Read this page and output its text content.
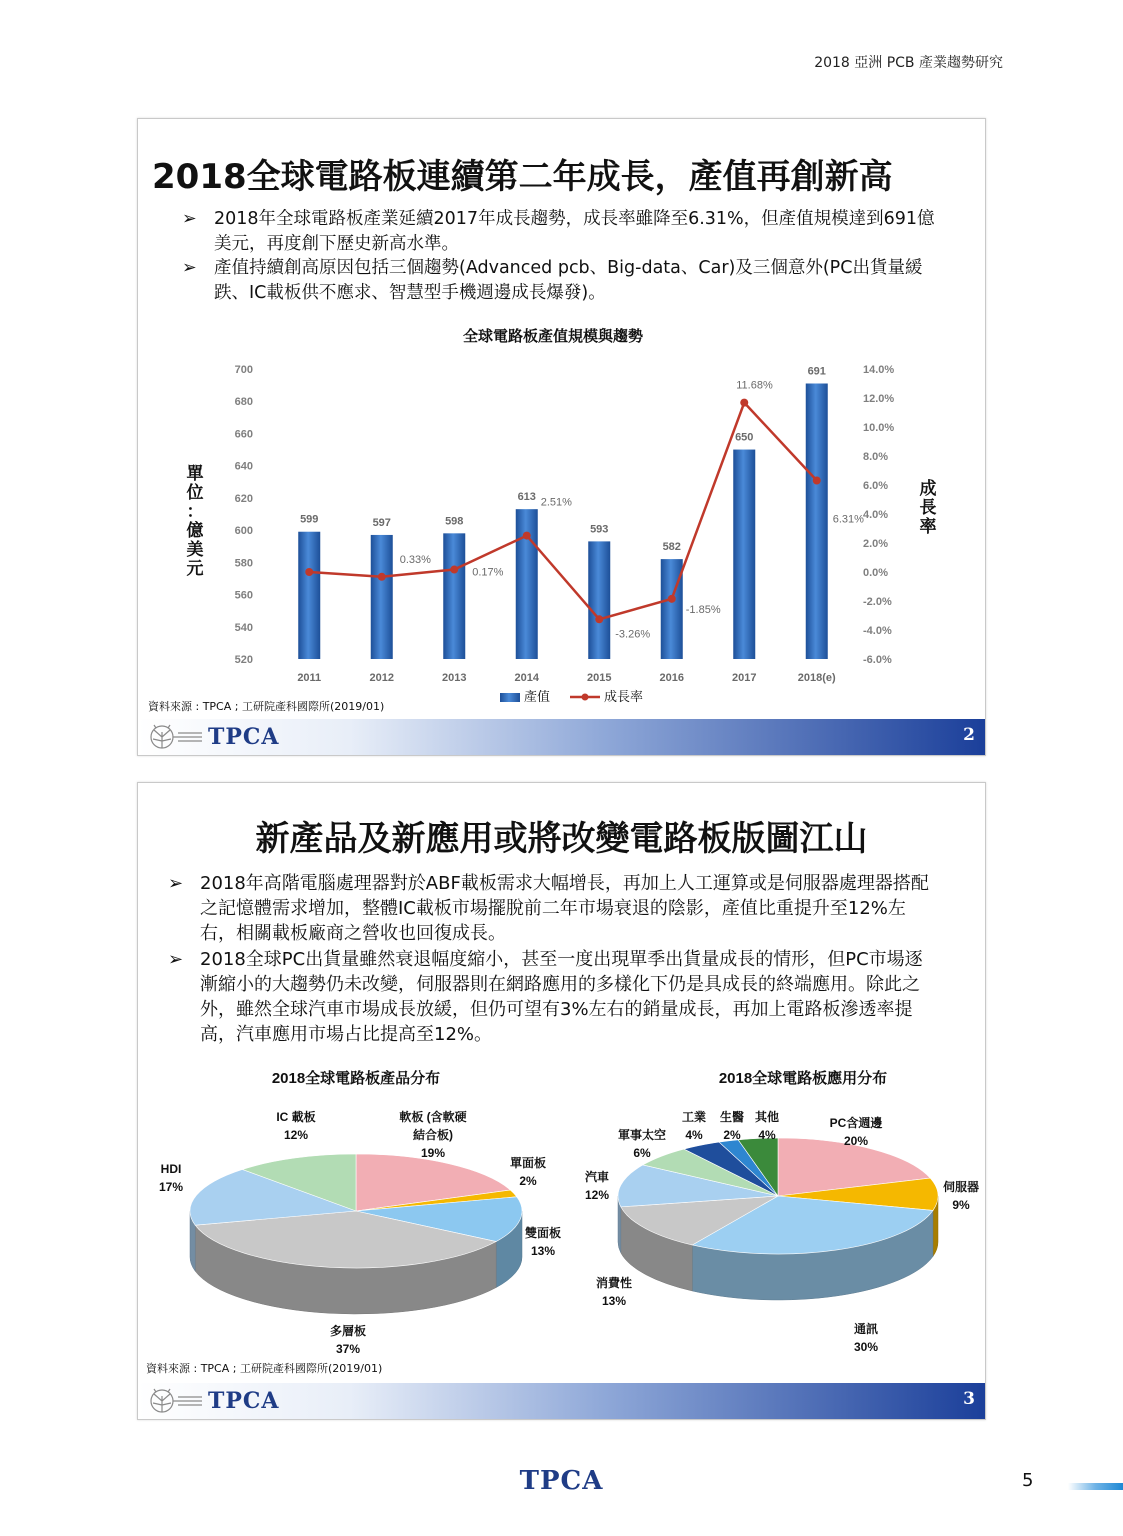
2018 亞洲 PCB 產業趨勢研究
2018全球電路板連續第二年成長，產值再創新高
➢ 2018年全球電路板產業延續2017年成長趨勢，成長率雖降至6.31%，但產值規模達到691億美元，再度創下歷史新高水準。
➢ 產值持續創高原因包括三個趨勢(Advanced pcb、Big-data、Car)及三個意外(PC出貨量緩跌、IC載板供不應求、智慧型手機週邊成長爆發)。
全球電路板產值規模與趨勢
700
680
660
640
620
600
580
560
540
520
14.0%
12.0%
10.0%
8.0%
6.0%
4.0%
2.0%
0.0%
-2.0%
-4.0%
-6.0%
單
位
：
億
美
元
成
長
率
599
2011
597
2012
598
2013
613
2014
593
2015
582
2016
650
2017
691
2018(e)
0.33%
0.17%
2.51%
-3.26%
-1.85%
11.68%
6.31%
產值	成長率
資料來源 : TPCA ; 工研院產科國際所(2019/01)
TPCA	2
新產品及新應用或將改變電路板版圖江山
➢ 2018年高階電腦處理器對於ABF載板需求大幅增長，再加上人工運算或是伺服器處理器搭配之記憶體需求增加，整體IC載板市場擺脫前二年市場衰退的陰影，產值比重提升至12%左右，相關載板廠商之營收也回復成長。
➢ 2018全球PC出貨量雖然衰退幅度縮小，甚至一度出現單季出貨量成長的情形，但PC市場逐漸縮小的大趨勢仍未改變，伺服器則在網路應用的多樣化下仍是具成長的終端應用。除此之外，雖然全球汽車市場成長放緩，但仍可望有3%左右的銷量成長，再加上電路板滲透率提高，汽車應用市場占比提高至12%。
2018全球電路板產品分布	2018全球電路板應用分布
軟板 (含軟硬
結合板)
19%
單面板
2%
雙面板
13%
多層板
37%
HDI
17%
IC 載板
12%
PC含週邊
20%
伺服器
9%
通訊
30%
消費性
13%
汽車
12%
軍事太空
6%
工業
4%
生醫
2%
其他
4%
資料來源 : TPCA ; 工研院產科國際所(2019/01)
TPCA	3
TPCA	5
